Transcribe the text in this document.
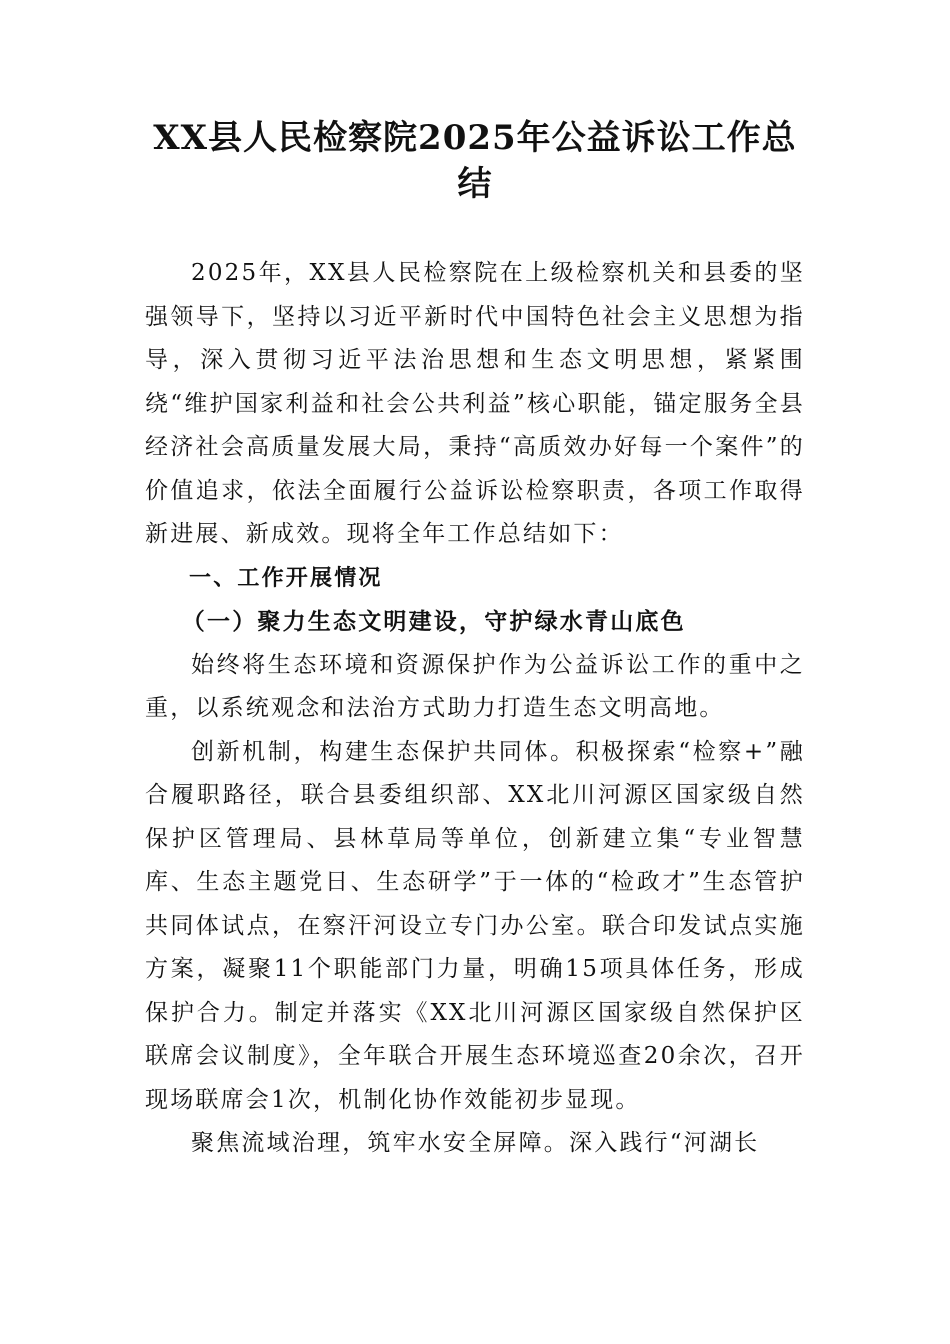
XX县人民检察院2025年公益诉讼工作总结

2025年，XX县人民检察院在上级检察机关和县委的坚强领导下，坚持以习近平新时代中国特色社会主义思想为指导，深入贯彻习近平法治思想和生态文明思想，紧紧围绕“维护国家利益和社会公共利益”核心职能，锚定服务全县经济社会高质量发展大局，秉持“高质效办好每一个案件”的价值追求，依法全面履行公益诉讼检察职责，各项工作取得新进展、新成效。现将全年工作总结如下：

一、工作开展情况

（一）聚力生态文明建设，守护绿水青山底色

始终将生态环境和资源保护作为公益诉讼工作的重中之重，以系统观念和法治方式助力打造生态文明高地。

创新机制，构建生态保护共同体。积极探索“检察+”融合履职路径，联合县委组织部、XX北川河源区国家级自然保护区管理局、县林草局等单位，创新建立集“专业智慧库、生态主题党日、生态研学”于一体的“检政才”生态管护共同体试点，在察汗河设立专门办公室。联合印发试点实施方案，凝聚11个职能部门力量，明确15项具体任务，形成保护合力。制定并落实《XX北川河源区国家级自然保护区联席会议制度》，全年联合开展生态环境巡查20余次，召开现场联席会1次，机制化协作效能初步显现。

聚焦流域治理，筑牢水安全屏障。深入践行“河湖长
